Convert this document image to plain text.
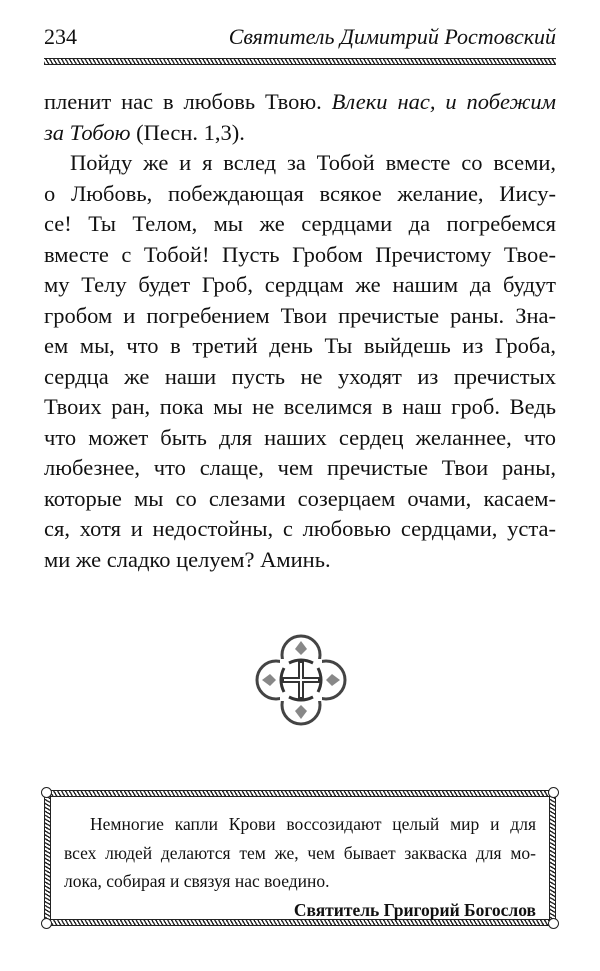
234	Святитель Димитрий Ростовский
пленит нас в любовь Твою. Влеки нас, и побежим
за Тобою (Песн. 1,3).
Пойду же и я вслед за Тобой вместе со всеми,
о Любовь, побеждающая всякое желание, Иису-
се! Ты Телом, мы же сердцами да погребемся
вместе с Тобой! Пусть Гробом Пречистому Твое-
му Телу будет Гроб, сердцам же нашим да будут
гробом и погребением Твои пречистые раны. Зна-
ем мы, что в третий день Ты выйдешь из Гроба,
сердца же наши пусть не уходят из пречистых
Твоих ран, пока мы не вселимся в наш гроб. Ведь
что может быть для наших сердец желаннее, что
любезнее, что слаще, чем пречистые Твои раны,
которые мы со слезами созерцаем очами, касаем-
ся, хотя и недостойны, с любовью сердцами, уста-
ми же сладко целуем? Аминь.
Немногие капли Крови воссозидают целый мир и для
всех людей делаются тем же, чем бывает закваска для мо-
лока, собирая и связуя нас воедино.
Святитель Григорий Богослов
